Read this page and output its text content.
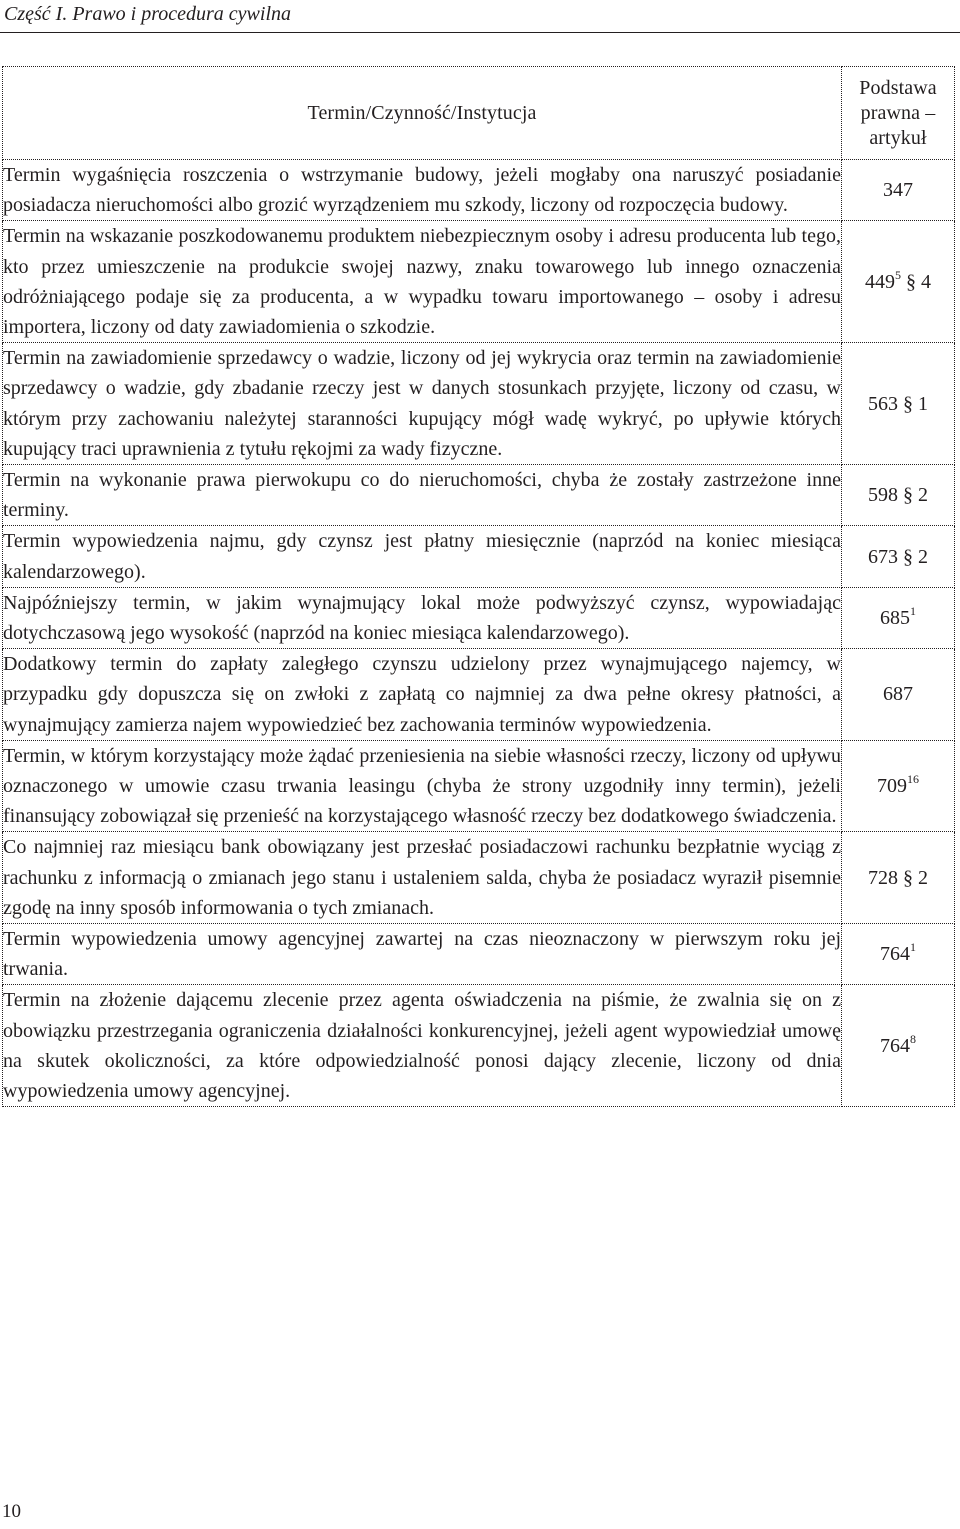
Część I. Prawo i procedura cywilna
Termin/Czynność/Instytucja	Podstawa
prawna –
artykuł

Termin wygaśnięcia roszczenia o wstrzymanie budowy, jeżeli mogłaby ona naruszyć posiadanie posiadacza nieruchomości albo grozić wyrządzeniem mu szkody, liczony od rozpoczęcia budowy.	347

Termin na wskazanie poszkodowanemu produktem niebezpiecznym osoby i adresu producenta lub tego, kto przez umieszczenie na produkcie swojej nazwy, znaku towarowego lub innego oznaczenia odróżniającego podaje się za producenta, a w wypadku towaru importowanego – osoby i adresu importera, liczony od daty zawiadomienia o szkodzie.	$449^5$ § 4

Termin na zawiadomienie sprzedawcy o wadzie, liczony od jej wykrycia oraz termin na zawiadomienie sprzedawcy o wadzie, gdy zbadanie rzeczy jest w danych stosunkach przyjęte, liczony od czasu, w którym przy zachowaniu należytej staranności kupujący mógł wadę wykryć, po upływie których kupujący traci uprawnienia z tytułu rękojmi za wady fizyczne.	563 § 1

Termin na wykonanie prawa pierwokupu co do nieruchomości, chyba że zostały zastrzeżone inne terminy.	598 § 2

Termin wypowiedzenia najmu, gdy czynsz jest płatny miesięcznie (naprzód na koniec miesiąca kalendarzowego).	673 § 2

Najpóźniejszy termin, w jakim wynajmujący lokal może podwyższyć czynsz, wypowiadając dotychczasową jego wysokość (naprzód na koniec miesiąca kalendarzowego).	$685^1$

Dodatkowy termin do zapłaty zaległego czynszu udzielony przez wynajmującego najemcy, w przypadku gdy dopuszcza się on zwłoki z zapłatą co najmniej za dwa pełne okresy płatności, a wynajmujący zamierza najem wypowiedzieć bez zachowania terminów wypowiedzenia.	687

Termin, w którym korzystający może żądać przeniesienia na siebie własności rzeczy, liczony od upływu oznaczonego w umowie czasu trwania leasingu (chyba że strony uzgodniły inny termin), jeżeli finansujący zobowiązał się przenieść na korzystającego własność rzeczy bez dodatkowego świadczenia.	$709^{16}$

Co najmniej raz miesiącu bank obowiązany jest przesłać posiadaczowi rachunku bezpłatnie wyciąg z rachunku z informacją o zmianach jego stanu i ustaleniem salda, chyba że posiadacz wyraził pisemnie zgodę na inny sposób informowania o tych zmianach.	728 § 2

Termin wypowiedzenia umowy agencyjnej zawartej na czas nieoznaczony w pierwszym roku jej trwania.	$764^1$

Termin na złożenie dającemu zlecenie przez agenta oświadczenia na piśmie, że zwalnia się on z obowiązku przestrzegania ograniczenia działalności konkurencyjnej, jeżeli agent wypowiedział umowę na skutek okoliczności, za które odpowiedzialność ponosi dający zlecenie, liczony od dnia wypowiedzenia umowy agencyjnej.	$764^8$
10
